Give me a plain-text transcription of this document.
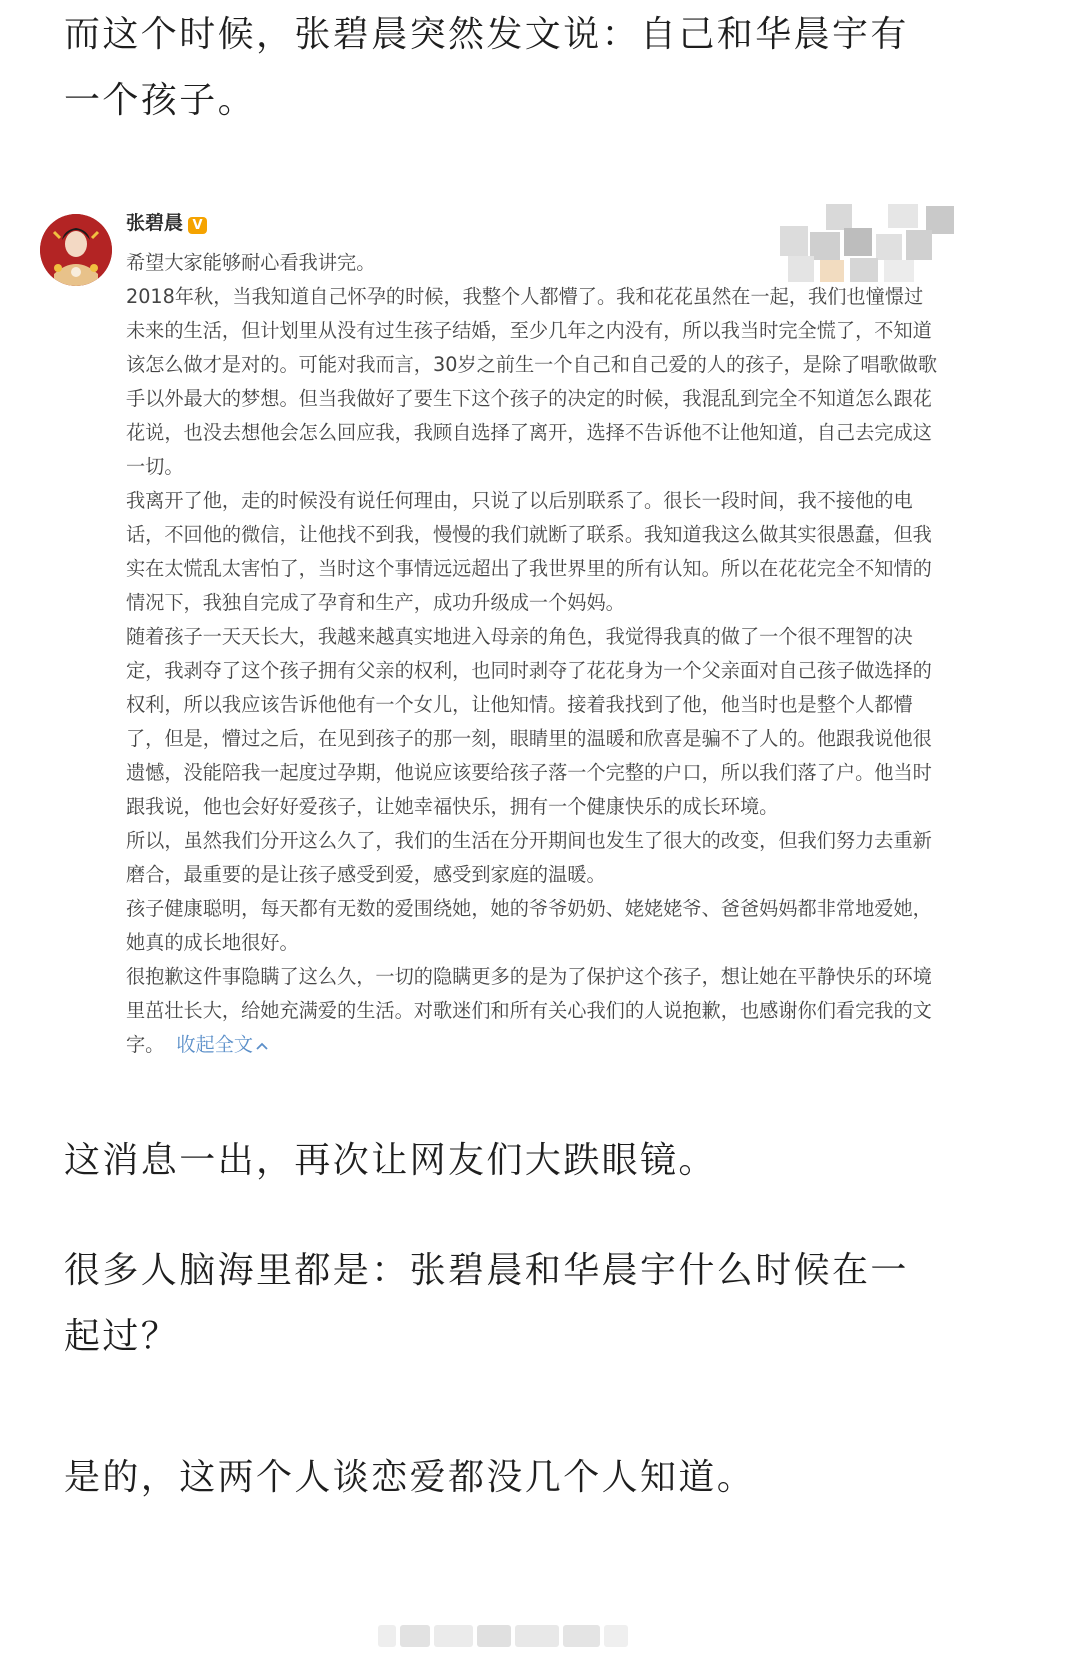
而这个时候，张碧晨突然发文说：自己和华晨宇有一个孩子。

张碧晨 V

希望大家能够耐心看我讲完。

2018年秋，当我知道自己怀孕的时候，我整个人都懵了。我和花花虽然在一起，我们也憧憬过未来的生活，但计划里从没有过生孩子结婚，至少几年之内没有，所以我当时完全慌了，不知道该怎么做才是对的。可能对我而言，30岁之前生一个自己和自己爱的人的孩子，是除了唱歌做歌手以外最大的梦想。但当我做好了要生下这个孩子的决定的时候，我混乱到完全不知道怎么跟花花说，也没去想他会怎么回应我，我顾自选择了离开，选择不告诉他不让他知道，自己去完成这一切。

我离开了他，走的时候没有说任何理由，只说了以后别联系了。很长一段时间，我不接他的电话，不回他的微信，让他找不到我，慢慢的我们就断了联系。我知道我这么做其实很愚蠢，但我实在太慌乱太害怕了，当时这个事情远远超出了我世界里的所有认知。所以在花花完全不知情的情况下，我独自完成了孕育和生产，成功升级成一个妈妈。

随着孩子一天天长大，我越来越真实地进入母亲的角色，我觉得我真的做了一个很不理智的决定，我剥夺了这个孩子拥有父亲的权利，也同时剥夺了花花身为一个父亲面对自己孩子做选择的权利，所以我应该告诉他他有一个女儿，让他知情。接着我找到了他，他当时也是整个人都懵了，但是，懵过之后，在见到孩子的那一刻，眼睛里的温暖和欣喜是骗不了人的。他跟我说他很遗憾，没能陪我一起度过孕期，他说应该要给孩子落一个完整的户口，所以我们落了户。他当时跟我说，他也会好好爱孩子，让她幸福快乐，拥有一个健康快乐的成长环境。

所以，虽然我们分开这么久了，我们的生活在分开期间也发生了很大的改变，但我们努力去重新磨合，最重要的是让孩子感受到爱，感受到家庭的温暖。

孩子健康聪明，每天都有无数的爱围绕她，她的爷爷奶奶、姥姥姥爷、爸爸妈妈都非常地爱她，她真的成长地很好。

很抱歉这件事隐瞒了这么久，一切的隐瞒更多的是为了保护这个孩子，想让她在平静快乐的环境里茁壮长大，给她充满爱的生活。对歌迷们和所有关心我们的人说抱歉，也感谢你们看完我的文字。 收起全文

这消息一出，再次让网友们大跌眼镜。

很多人脑海里都是：张碧晨和华晨宇什么时候在一起过？

是的，这两个人谈恋爱都没几个人知道。
